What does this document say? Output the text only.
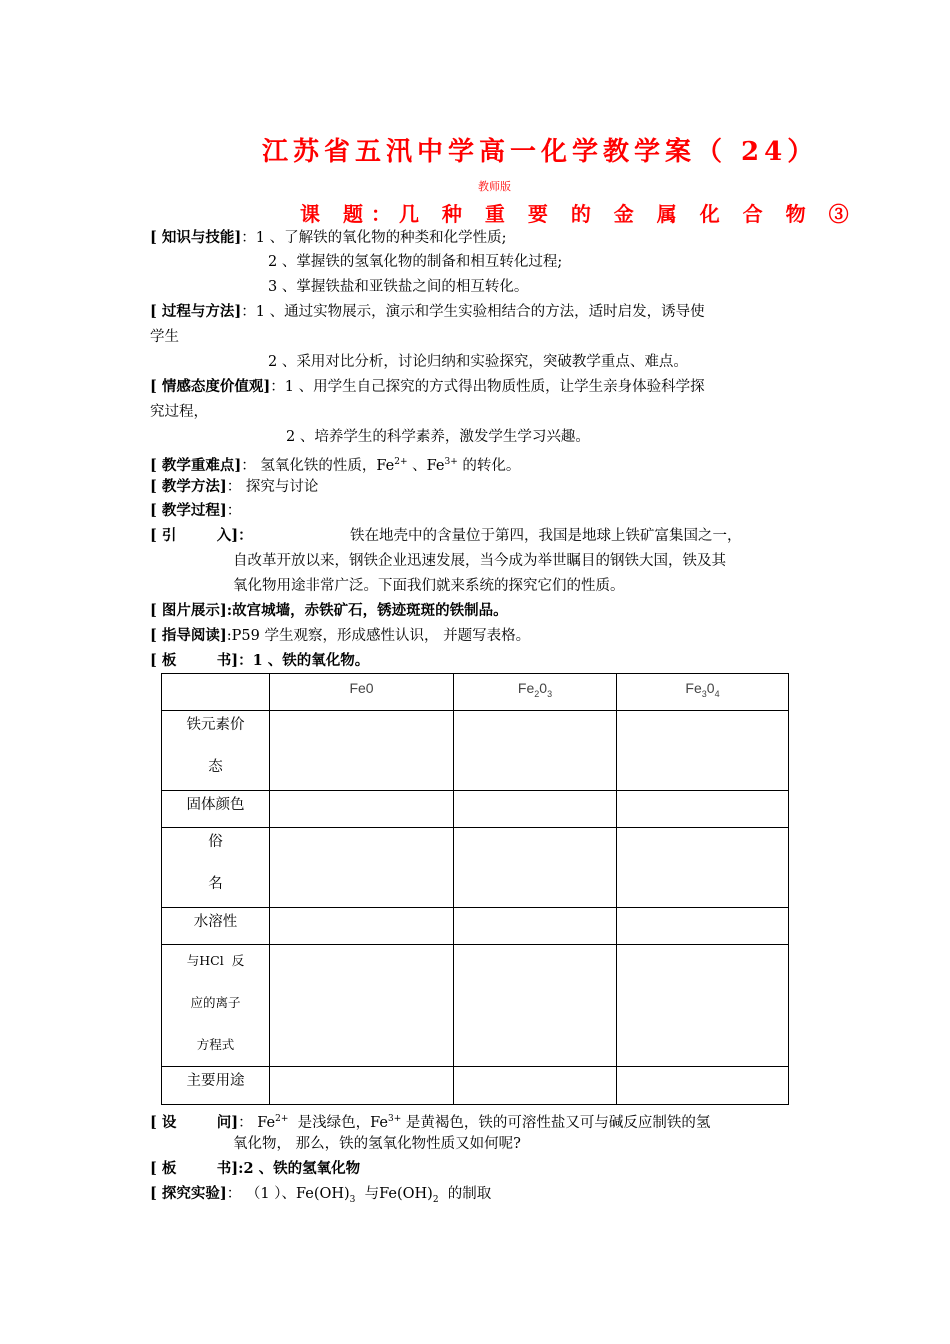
江苏省五汛中学高一化学教学案（ 24）
教师版
课 题：几 种 重 要 的 金 属 化 合 物 ③
[ 知识与技能]：1 、了解铁的氧化物的种类和化学性质;
2 、掌握铁的氢氧化物的制备和相互转化过程;
3 、掌握铁盐和亚铁盐之间的相互转化。
[ 过程与方法]：1 、通过实物展示，演示和学生实验相结合的方法，适时启发，诱导使
学生
2 、采用对比分析，讨论归纳和实验探究，突破教学重点、难点。
[ 情感态度价值观]：1 、用学生自己探究的方式得出物质性质，让学生亲身体验科学探
究过程，
2 、培养学生的科学素养，激发学生学习兴趣。
[ 教学重难点]： 氢氧化铁的性质，$Fe^{2+}$ 、$Fe^{3+}$ 的转化。
[ 教学方法]： 探究与讨论
[ 教学过程]：
[ 引        入]：	铁在地壳中的含量位于第四，我国是地球上铁矿富集国之一，
自改革开放以来，钢铁企业迅速发展，当今成为举世瞩目的钢铁大国，铁及其
氧化物用途非常广泛。下面我们就来系统的探究它们的性质。
[ 图片展示]:故宫城墙，赤铁矿石，锈迹斑斑的铁制品。
[ 指导阅读]:P59 学生观察，形成感性认识， 并题写表格。
[ 板        书]：1 、铁的氧化物。
	Fe0	$Fe_20_3$	$Fe_30_4$

铁元素价
态			

固体颜色			

俗
名			

水溶性			

与HCl  反
应的离子
方程式			

主要用途			

[ 设        问]： $Fe^{2+}$  是浅绿色，$Fe^{3+}$ 是黄褐色，铁的可溶性盐又可与碱反应制铁的氢
氧化物， 那么，铁的氢氧化物性质又如何呢?
[ 板        书]:2 、铁的氢氧化物
[ 探究实验]： （1 ）、$Fe(OH)_3$  与$Fe(OH)_2$  的制取
